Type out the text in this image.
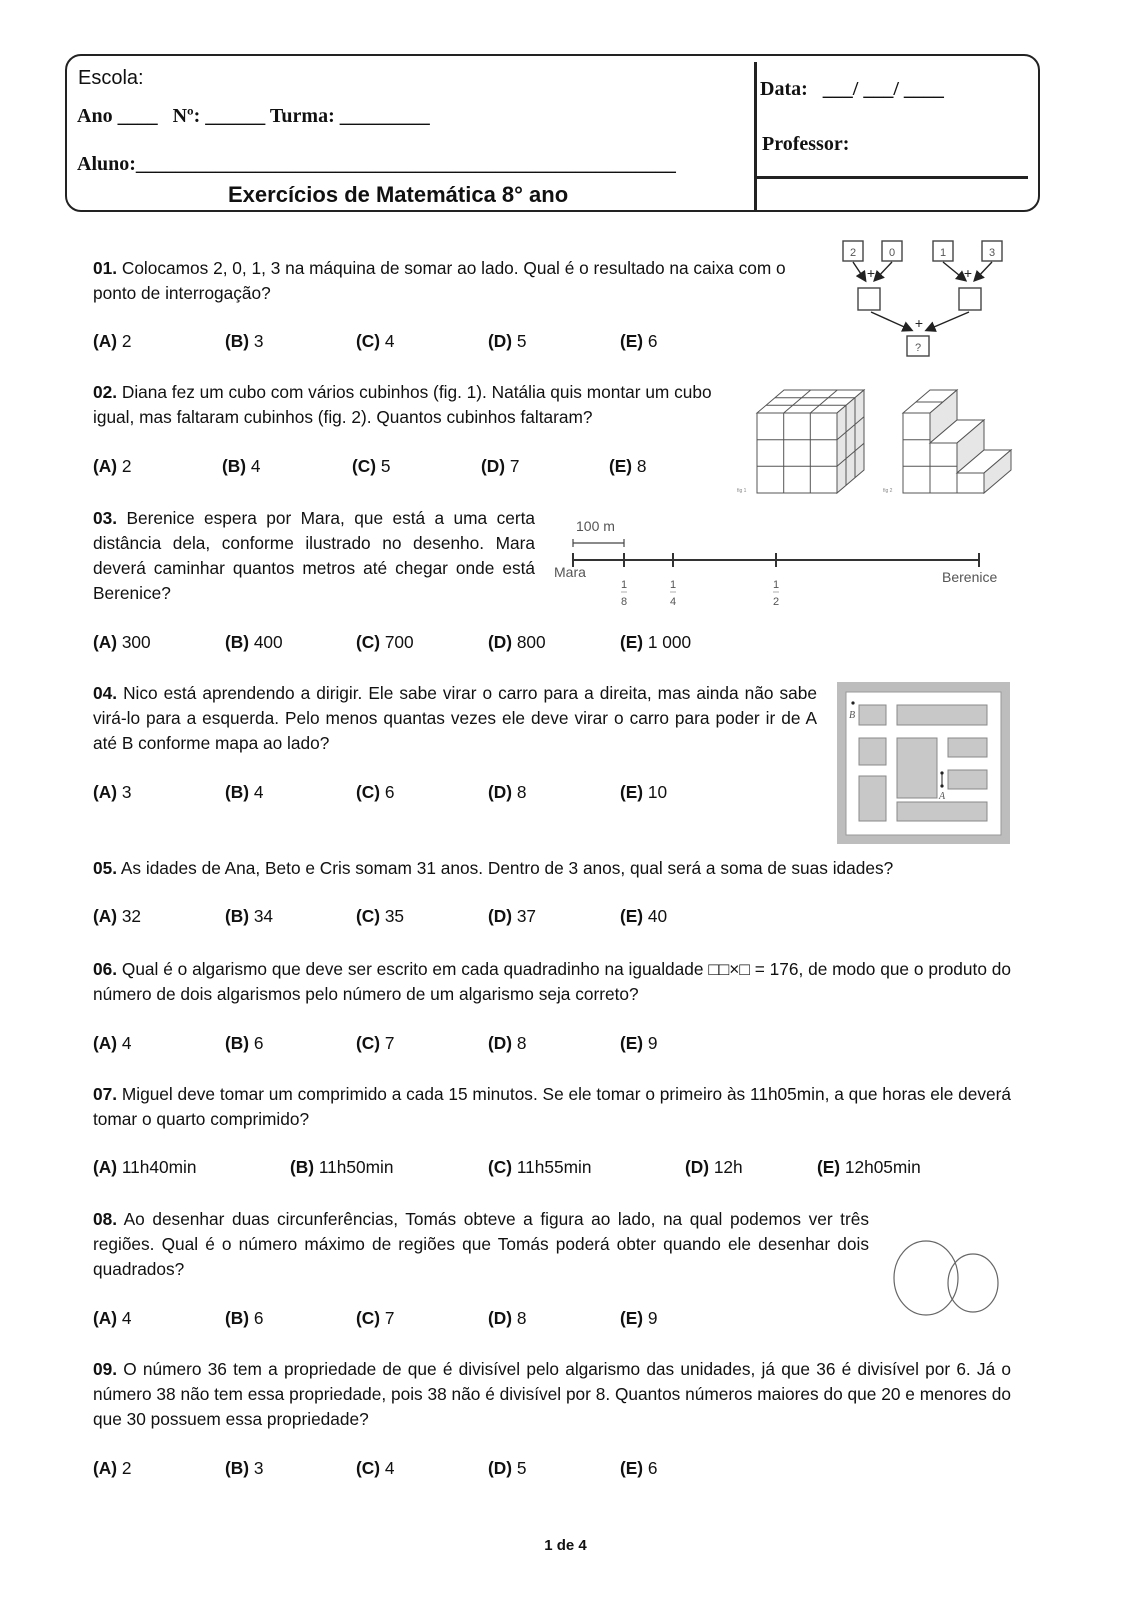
Escola:
Ano ____   Nº: ______ Turma: _________
Aluno:______________________________________________________
Exercícios de Matemática 8° ano
Data:   ___/ ___/ ____
Professor:
01. Colocamos 2, 0, 1, 3 na máquina de somar ao lado. Qual é o resultado na caixa com o ponto de interrogação?
(A) 2	(B) 3	(C) 4	(D) 5	(E) 6
2	0	1	3
?
+	+
+
02. Diana fez um cubo com vários cubinhos (fig. 1). Natália quis montar um cubo igual, mas faltaram cubinhos (fig. 2). Quantos cubinhos faltaram?
(A) 2	(B) 4	(C) 5	(D) 7	(E) 8
fig 1	fig 2
03. Berenice espera por Mara, que está a uma certa distância dela, conforme ilustrado no desenho. Mara deverá caminhar quantos metros até chegar onde está Berenice?
(A) 300	(B) 400	(C) 700	(D) 800	(E) 1 000
100 m
Mara	Berenice
1
8
1
4
1
2
04. Nico está aprendendo a dirigir. Ele sabe virar o carro para a direita, mas ainda não sabe virá-lo para a esquerda. Pelo menos quantas vezes ele deve virar o carro para poder ir de A até B conforme mapa ao lado?
(A) 3	(B) 4	(C) 6	(D) 8	(E) 10
B
A
05. As idades de Ana, Beto e Cris somam 31 anos. Dentro de 3 anos, qual será a soma de suas idades?
(A) 32	(B) 34	(C) 35	(D) 37	(E) 40
06. Qual é o algarismo que deve ser escrito em cada quadradinho na igualdade □□×□ = 176, de modo que o produto do número de dois algarismos pelo número de um algarismo seja correto?
(A) 4	(B) 6	(C) 7	(D) 8	(E) 9
07. Miguel deve tomar um comprimido a cada 15 minutos. Se ele tomar o primeiro às 11h05min, a que horas ele deverá tomar o quarto comprimido?
(A) 11h40min	(B) 11h50min	(C) 11h55min	(D) 12h	(E) 12h05min
08. Ao desenhar duas circunferências, Tomás obteve a figura ao lado, na qual podemos ver três regiões. Qual é o número máximo de regiões que Tomás poderá obter quando ele desenhar dois quadrados?
(A) 4	(B) 6	(C) 7	(D) 8	(E) 9
09. O número 36 tem a propriedade de que é divisível pelo algarismo das unidades, já que 36 é divisível por 6. Já o número 38 não tem essa propriedade, pois 38 não é divisível por 8. Quantos números maiores do que 20 e menores do que 30 possuem essa propriedade?
(A) 2	(B) 3	(C) 4	(D) 5	(E) 6
1 de 4
